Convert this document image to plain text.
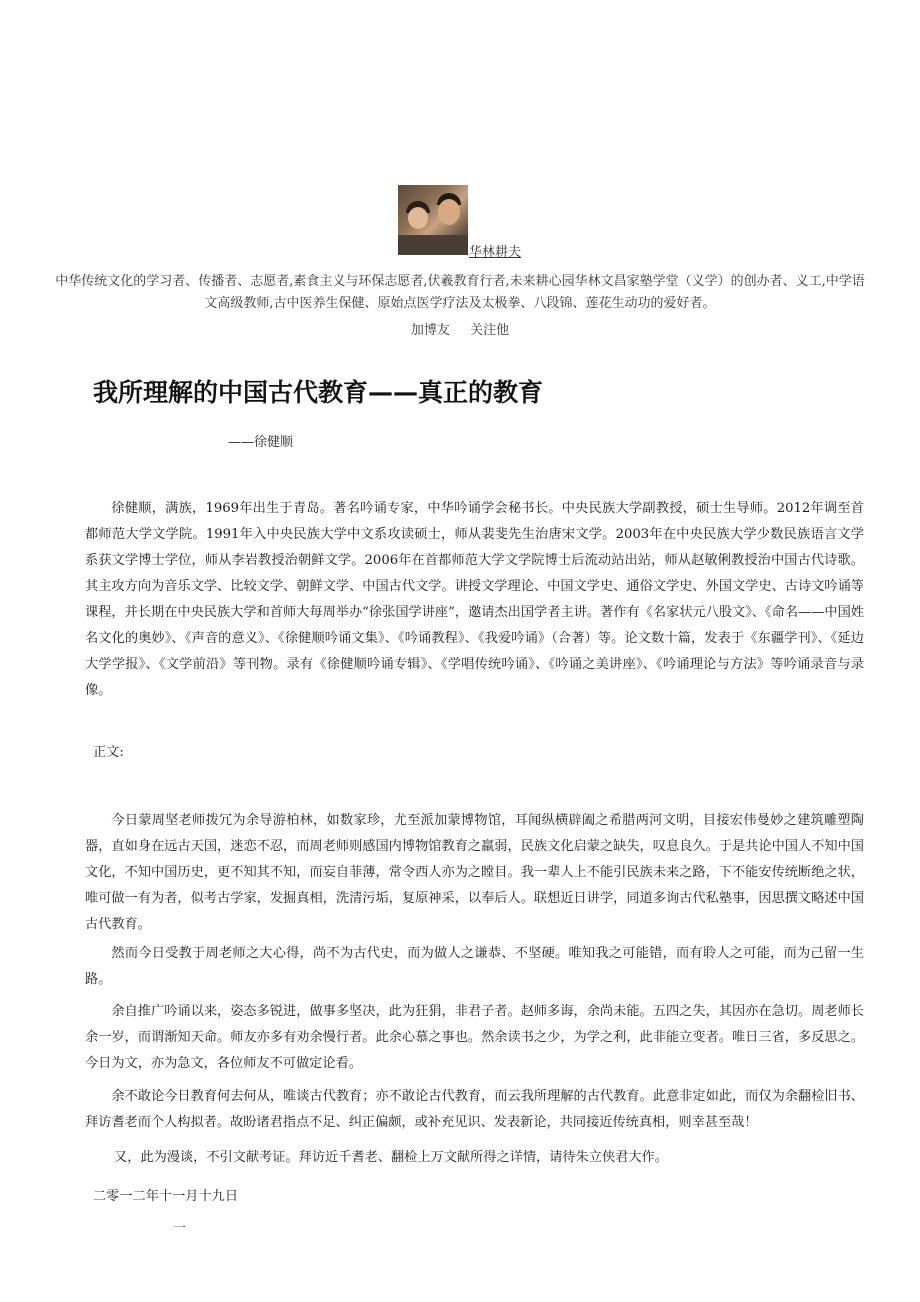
华林耕夫
中华传统文化的学习者、传播者、志愿者,素食主义与环保志愿者,伏羲教育行者,未来耕心园华林文昌家塾学堂（义学）的创办者、义工,中学语文高级教师,古中医养生保健、原始点医学疗法及太极拳、八段锦、莲花生动功的爱好者。
加博友 关注他
我所理解的中国古代教育——真正的教育
——徐健顺

徐健顺，满族，1969年出生于青岛。著名吟诵专家，中华吟诵学会秘书长。中央民族大学副教授，硕士生导师。2012年调至首都师范大学文学院。1991年入中央民族大学中文系攻读硕士，师从裴斐先生治唐宋文学。2003年在中央民族大学少数民族语言文学系获文学博士学位，师从李岩教授治朝鲜文学。2006年在首都师范大学文学院博士后流动站出站，师从赵敏俐教授治中国古代诗歌。其主攻方向为音乐文学、比较文学、朝鲜文学、中国古代文学。讲授文学理论、中国文学史、通俗文学史、外国文学史、古诗文吟诵等课程，并长期在中央民族大学和首师大每周举办“徐张国学讲座”，邀请杰出国学者主讲。著作有《名家状元八股文》、《命名——中国姓名文化的奥妙》、《声音的意义》、《徐健顺吟诵文集》、《吟诵教程》、《我爱吟诵》（合著）等。论文数十篇，发表于《东疆学刊》、《延边大学学报》、《文学前沿》等刊物。录有《徐健顺吟诵专辑》、《学唱传统吟诵》、《吟诵之美讲座》、《吟诵理论与方法》等吟诵录音与录像。

正文:

今日蒙周坚老师拨冗为余导游柏林，如数家珍，尤至派加蒙博物馆，耳闻纵横辟阖之希腊两河文明，目接宏伟曼妙之建筑雕塑陶器，直如身在远古天国，迷恋不忍，而周老师则感国内博物馆教育之羸弱，民族文化启蒙之缺失，叹息良久。于是共论中国人不知中国文化，不知中国历史，更不知其不知，而妄自菲薄，常令西人亦为之瞠目。我一辈人上不能引民族未来之路，下不能安传统断绝之状，唯可做一有为者，似考古学家，发掘真相，洗清污垢，复原神采，以奉后人。联想近日讲学，同道多询古代私塾事，因思撰文略述中国古代教育。

然而今日受教于周老师之大心得，尚不为古代史，而为做人之谦恭、不坚硬。唯知我之可能错，而有聆人之可能，而为己留一生路。

余自推广吟诵以来，姿态多锐进，做事多坚决，此为狂狷，非君子者。赵师多诲，余尚未能。五四之失，其因亦在急切。周老师长余一岁，而谓渐知天命。师友亦多有劝余慢行者。此余心慕之事也。然余读书之少，为学之利，此非能立变者。唯日三省，多反思之。今日为文，亦为急文，各位师友不可做定论看。

余不敢论今日教育何去何从，唯谈古代教育；亦不敢论古代教育，而云我所理解的古代教育。此意非定如此，而仅为余翻检旧书、拜访耆老而个人构拟者。故盼诸君指点不足、纠正偏颇，或补充见识、发表新论，共同接近传统真相，则幸甚至哉！

又，此为漫谈，不引文献考证。拜访近千耆老、翻检上万文献所得之详情，请待朱立侠君大作。

二零一二年十一月十九日

一
